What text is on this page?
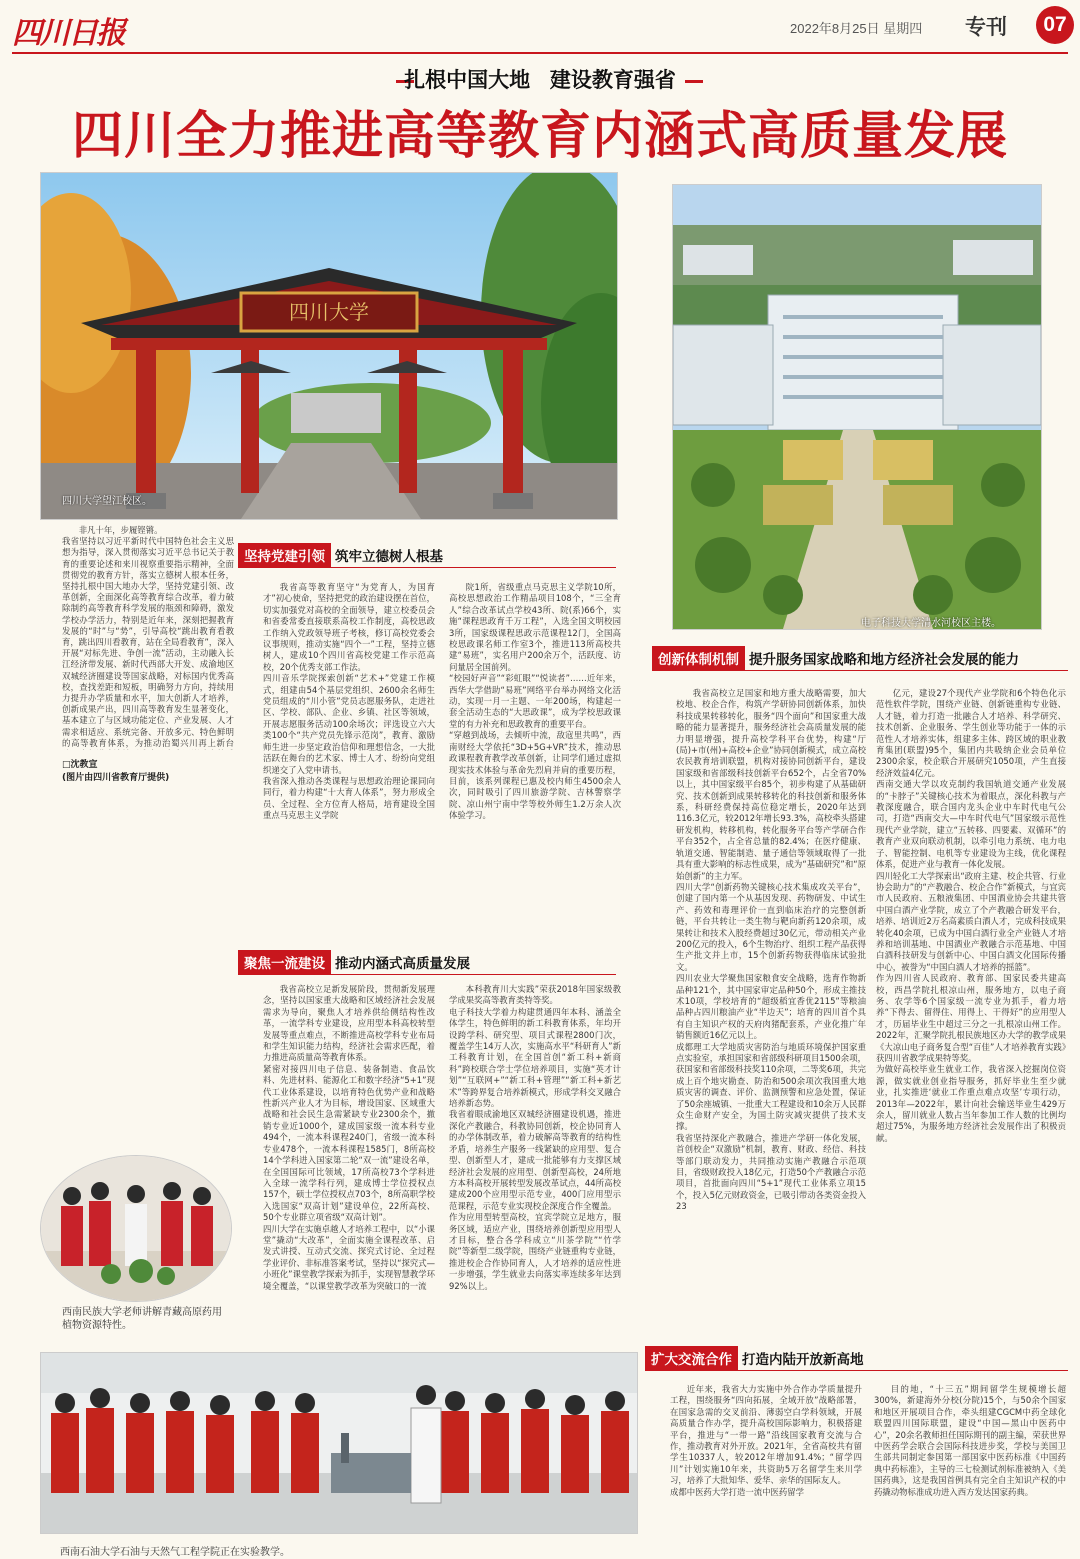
四川日报	2022年8月25日 星期四 专刊	07
扎根中国大地 建设教育强省
四川全力推进高等教育内涵式高质量发展
四川大学
四川大学望江校区。
电子科技大学清水河校区主楼。
坚持党建引领 筑牢立德树人根基

非凡十年，步履铿锵。
我省坚持以习近平新时代中国特色社会主义思想为指导，深入贯彻落实习近平总书记关于教育的重要论述和来川视察重要指示精神，全面贯彻党的教育方针，落实立德树人根本任务，坚持扎根中国大地办大学，坚持党建引领、改革创新，全面深化高等教育综合改革，着力破除制约高等教育科学发展的瓶颈和障碍，激发学校办学活力，特别是近年来，深刻把握教育发展的“时”与“势”，引导高校“跳出教育看教育，跳出四川看教育，站在全局看教育”，深入开展“对标先进、争创一流”活动，主动融入长江经济带发展、新时代西部大开发、成渝地区双城经济圈建设等国家战略，对标国内优秀高校，查找差距和短板，明确努力方向，持续用力提升办学质量和水平，加大创新人才培养，创新成果产出，四川高等教育发生显著变化，基本建立了与区域功能定位、产业发展、人才需求相适应、系统完备、开放多元、特色鲜明的高等教育体系，为推动治蜀兴川再上新台

□沈教宣
(图片由四川省教育厅提供)

我省高等教育坚守“为党育人，为国育才”初心使命，坚持把党的政治建设摆在首位，切实加强党对高校的全面领导，建立校委员会和省委常委直接联系高校工作制度，高校思政工作纳入党政领导班子考核，修订高校党委会议事规则，推动实施“四个一”工程，坚持立德树人，建成10个四川省高校党建工作示范高校，20个优秀支部工作法。
四川音乐学院探索创新“艺术+”党建工作模式，组建由54个基层党组织、2600余名师生党员组成的“川小管”党员志愿服务队，走进社区、学校、部队、企业、乡镇、社区等领域，开展志愿服务活动100余场次；评选设立六大类100个“共产党员先锋示范岗”，教育、激励师生进一步坚定政治信仰和理想信念，一大批活跃在舞台的艺术家、博士人才、纷纷向党组织递交了入党申请书。
我省深入推动各类课程与思想政治理论课同向同行，着力构建“十大育人体系”，努力形成全员、全过程、全方位育人格局，培育建设全国重点马克思主义学院

院1所，省级重点马克思主义学院10所，高校思想政治工作精品项目108个，“三全育人”综合改革试点学校43所、院(系)66个，实施“课程思政育千万工程”，入选全国文明校园3所，国家级课程思政示范课程12门，全国高校思政课名师工作室3个，推进113所高校共建“易班”，实名用户200余万个，活跃度、访问量居全国前列。
“校园好声音”“彩虹眼”“悦读者”……近年来，西华大学借助“易班”网络平台举办网络文化活动，实现一月一主题、一年200场，构建起一套全活动生态的“大思政课”，成为学校思政课堂的有力补充和思政教育的重要平台。
“穿越到战场，去倾听中流，敌寇里共鸣”，西南财经大学依托“3D+5G+VR”技术，推动思政课程教育教学改革创新，让同学们通过虚拟现实技术体验与革命先烈肩并肩的重要历程，目前，该系列课程已惠及校内师生4500余人次，同时吸引了四川旅游学院、吉林警察学院、凉山州宁南中学等校外师生1.2万余人次体验学习。

聚焦一流建设 推动内涵式高质量发展

我省高校立足新发展阶段，贯彻新发展理念，坚持以国家重大战略和区域经济社会发展需求为导向，聚焦人才培养供给侧结构性改革，一流学科专业建设，应用型本科高校转型发展等重点难点，不断推进高校学科专业布局和学生知识能力结构，经济社会需求匹配，着力推进高质量高等教育体系。
紧密对接四川电子信息、装备制造、食品饮料、先进材料、能源化工和数字经济“5+1”现代工业体系建设，以培育特色优势产业和战略性新兴产业人才为目标，增设国家、区域重大战略和社会民生急需紧缺专业2300余个，撤销专业近1000个，建成国家级一流本科专业494个，一流本科课程240门，省级一流本科专业478个，一流本科课程1585门，8所高校14个学科进入国家第二轮“双一流”建设名单，在全国国际可比领域，17所高校73个学科进入全球一流学科行列，建成博士学位授权点157个，硕士学位授权点703个，8所高职学校入选国家“双高计划”建设单位，22所高校、50个专业群立项省级“双高计划”。
四川大学在实施卓越人才培养工程中，以“小课堂”撬动“大改革”，全面实施全课程改革、启发式讲授、互动式交流、探究式讨论、全过程学业评价、非标准答案考试，坚持以“探究式—小班化”课堂教学探索为抓手，实现智慧教学环境全覆盖，“以课堂教学改革为突破口的一流

本科教育川大实践”荣获2018年国家级教学成果奖高等教育类特等奖。
电子科技大学着力构建贯通四年本科、涵盖全体学生，特色鲜明的新工科教育体系，年均开设跨学科、研究型、项目式课程2800门次，覆盖学生14万人次，实施高水平“科研育人”新工科教育计划，在全国首创“新工科+新商科”跨校联合学士学位培养项目，实施“英才计划”“互联网+”“新工科+管理”“新工科+新艺术”等跨界复合培养新模式，形成学科交叉融合培养新态势。
我省着眼成渝地区双城经济圈建设机遇，推进深化产教融合，科教协同创新，校企协同育人的办学体制改革，着力破解高等教育的结构性矛盾，培养生产服务一线紧缺的应用型、复合型、创新型人才，建成一批能够有力支撑区域经济社会发展的应用型、创新型高校，24所地方本科高校开展转型发展改革试点，44所高校建成200个应用型示范专业，400门应用型示范课程，示范专业实现校企深度合作全覆盖。
作为应用型转型高校，宜宾学院立足地方，服务区域，适应产业，围绕培养创新型应用型人才目标，整合各学科成立“川茶学院”“竹学院”等新型二级学院，围绕产业链重构专业链，推进校企合作协同育人，人才培养的适应性进一步增强，学生就业去向落实率连续多年达到92%以上。

西南民族大学老师讲解青藏高原药用植物资源特性。
西南石油大学石油与天然气工程学院正在实验教学。
创新体制机制 提升服务国家战略和地方经济社会发展的能力

我省高校立足国家和地方重大战略需要，加大校地、校企合作，构筑产学研协同创新体系，加快科技成果转移转化，服务“四个面向”和国家重大战略的能力显著提升，服务经济社会高质量发展的能力明显增强，提升高校学科平台优势，构建“厅(局)+市(州)+高校+企业”协同创新模式，成立高校农民教育培训联盟，机构对接协同创新平台，建设国家级和省部级科技创新平台652个，占全省70%以上，其中国家级平台85个，初步构建了从基础研究、技术创新到成果转移转化的科技创新和服务体系，科研经费保持高位稳定增长，2020年达到116.3亿元，较2012年增长93.3%，高校牵头搭建研发机构，转移机构，转化服务平台等产学研合作平台352个，占全省总量的82.4%；在医疗健康、轨道交通、智能制造、量子通信等领域取得了一批具有重大影响的标志性成果，成为“基础研究”和“原始创新”的主力军。
四川大学“创新药物关键核心技术集成攻关平台”，创建了国内第一个从基因发现、药物研发、中试生产、药效和毒理评价一直到临床治疗的完整创新链，平台共转让一类生物与靶向新药120余项，成果转让和技术入股经费超过30亿元，带动相关产业200亿元的投入，6个生物治疗、组织工程产品获得生产批文并上市，15个创新药物获得临床试验批文。
四川农业大学聚焦国家粮食安全战略，选育作物新品种121个，其中国家审定品种50个，形成主推技术10项，学校培育的“超级稻宜香优2115”等粮油品种占四川粮油产业“半边天”；培育的四川首个具有自主知识产权的天府肉猪配套系，产业化推广年销售额近16亿元以上。
成都理工大学地质灾害防治与地质环境保护国家重点实验室，承担国家和省部级科研项目1500余项，获国家和省部级科技奖110余项，二等奖6项，共完成上百个地灾勘查、防治和500余项次我国重大地质灾害的调查、评价、监测预警和应急处置，保证了50余座城镇、一批重大工程建设和10余万人民群众生命财产安全，为国土防灾减灾提供了技术支撑。
我省坚持深化产教融合，推进产学研一体化发展，首创校企“双激励”机制，教育、财政、经信、科技等部门联动发力，共同推动实施产教融合示范项目，省级财政投入18亿元，打造50个产教融合示范项目，首批面向四川“5+1”现代工业体系立项15个，投入5亿元财政资金，已吸引带动各类资金投入23

亿元，建设27个现代产业学院和6个特色化示范性软件学院，围绕产业链、创新链重构专业链、人才链，着力打造一批融合人才培养、科学研究、技术创新、企业服务、学生创业等功能于一体的示范性人才培养实体，组建多主体、跨区域的职业教育集团(联盟)95个，集团内共吸纳企业会员单位2300余家，校企联合开展研究1050项，产生直接经济效益4亿元。
西南交通大学以攻克制约我国轨道交通产业发展的“卡脖子”关键核心技术为着眼点，深化科教与产教深度融合，联合国内龙头企业中车时代电气公司，打造“西南交大—中车时代电气”国家级示范性现代产业学院，建立“五转移、四要素、双循环”的教育产业双向联动机制，以牵引电力系统、电力电子、智能控制、电机等专业建设为主线，优化课程体系，促进产业与教育一体化发展。
四川轻化工大学探索出“政府主建、校企共管、行业协会助力”的“产教融合、校企合作”新模式，与宜宾市人民政府、五粮液集团、中国酒业协会共建共管中国白酒产业学院，成立了个产教融合研发平台，培养、培训近2万名高素质白酒人才，完成科技成果转化40余项，已成为中国白酒行业全产业链人才培养和培训基地、中国酒业产教融合示范基地、中国白酒科技研发与创新中心、中国白酒文化国际传播中心，被誉为“中国白酒人才培养的摇篮”。
作为四川省人民政府、教育部、国家民委共建高校，西昌学院扎根凉山州，服务地方，以电子商务、农学等6个国家级一流专业为抓手，着力培养“下得去、留得住、用得上、干得好”的应用型人才，历届毕业生中超过三分之一扎根凉山州工作。2022年，汇聚学院扎根民族地区办大学的教学成果《大凉山电子商务复合型“百佳”人才培养教育实践》获四川省教学成果特等奖。
为做好高校毕业生就业工作，我省深入挖掘岗位资源，做实就业创业指导服务，抓好毕业生至少就业，扎实推进‘就业工作重点难点攻坚’专项行动，2013年—2022年，累计向社会输送毕业生429万余人，留川就业人数占当年参加工作人数的比例均超过75%，为服务地方经济社会发展作出了积极贡献。

扩大交流合作 打造内陆开放新高地

近年来，我省大力实施中外合作办学质量提升工程，围绕服务“四向拓展，全域开放”战略部署，在国家急需的交叉前沿、薄弱空白学科领域，开展高质量合作办学，提升高校国际影响力，积极搭建平台，推进与“一带一路”沿线国家教育交流与合作，推动教育对外开放。2021年，全省高校共有留学生10337人，较2012年增加91.4%；“留学四川”计划实施10年来，共资助5万名留学生来川学习，培养了大批知华、爱华、亲华的国际友人。
成都中医药大学打造一流中医药留学

目的地，“十三五”期间留学生规模增长超300%，新建海外分校(分院)15个，与50余个国家和地区开展项目合作，牵头组建CGCM中药全球化联盟四川国际联盟，建设“中国—黑山中医药中心”，20余名教师担任国际期刊的副主编，荣获世界中医药学会联合会国际科技进步奖，学校与美国卫生部共同制定参国第一部国家中医药标准《中国药典中药标准》，主导的三七检测试剂标准被纳入《美国药典》，这是我国首例具有完全自主知识产权的中药撬动物标准成功进入西方发达国家药典。
